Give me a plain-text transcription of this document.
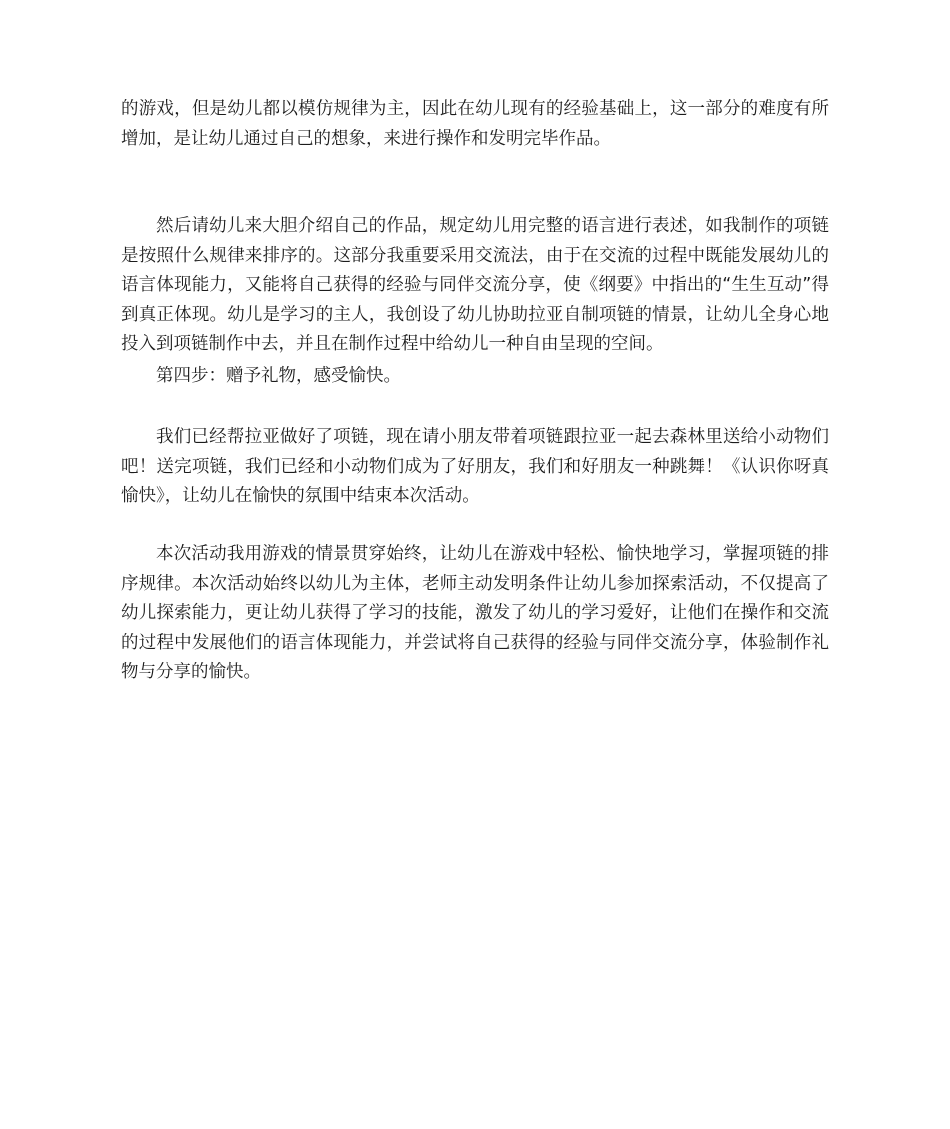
的游戏，但是幼儿都以模仿规律为主，因此在幼儿现有的经验基础上，这一部分的难度有所增加，是让幼儿通过自己的想象，来进行操作和发明完毕作品。

然后请幼儿来大胆介绍自己的作品，规定幼儿用完整的语言进行表述，如我制作的项链是按照什么规律来排序的。这部分我重要采用交流法，由于在交流的过程中既能发展幼儿的语言体现能力，又能将自己获得的经验与同伴交流分享，使《纲要》中指出的“生生互动”得到真正体现。幼儿是学习的主人，我创设了幼儿协助拉亚自制项链的情景，让幼儿全身心地投入到项链制作中去，并且在制作过程中给幼儿一种自由呈现的空间。

第四步：赠予礼物，感受愉快。

我们已经帮拉亚做好了项链，现在请小朋友带着项链跟拉亚一起去森林里送给小动物们吧！送完项链，我们已经和小动物们成为了好朋友，我们和好朋友一种跳舞！《认识你呀真愉快》，让幼儿在愉快的氛围中结束本次活动。

本次活动我用游戏的情景贯穿始终，让幼儿在游戏中轻松、愉快地学习，掌握项链的排序规律。本次活动始终以幼儿为主体，老师主动发明条件让幼儿参加探索活动，不仅提高了幼儿探索能力，更让幼儿获得了学习的技能，激发了幼儿的学习爱好，让他们在操作和交流的过程中发展他们的语言体现能力，并尝试将自己获得的经验与同伴交流分享，体验制作礼物与分享的愉快。
